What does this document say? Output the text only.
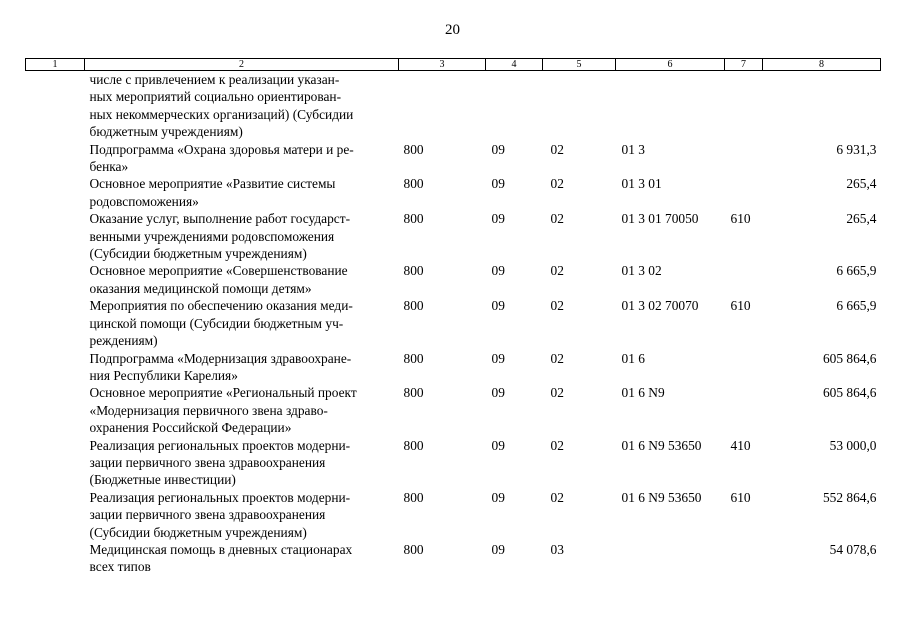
20
1	2	3	4	5	6	7	8
	числе с привлечением к реализации указан-
ных мероприятий социально ориентирован-
ных некоммерческих организаций) (Субсидии
бюджетным учреждениям)						
	Подпрограмма «Охрана здоровья матери и ре-
бенка»	800	09	02	01 3		6 931,3
	Основное мероприятие «Развитие системы
родовспоможения»	800	09	02	01 3 01		265,4
	Оказание услуг, выполнение работ государст-
венными учреждениями родовспоможения
(Субсидии бюджетным учреждениям)	800	09	02	01 3 01 70050	610	265,4
	Основное мероприятие «Совершенствование
оказания медицинской помощи детям»	800	09	02	01 3 02		6 665,9
	Мероприятия по обеспечению оказания меди-
цинской помощи (Субсидии бюджетным уч-
реждениям)	800	09	02	01 3 02 70070	610	6 665,9
	Подпрограмма «Модернизация здравоохране-
ния Республики Карелия»	800	09	02	01 6		605 864,6
	Основное мероприятие «Региональный проект
«Модернизация первичного звена здраво-
охранения Российской Федерации»	800	09	02	01 6 N9		605 864,6
	Реализация региональных проектов модерни-
зации первичного звена здравоохранения
(Бюджетные инвестиции)	800	09	02	01 6 N9 53650	410	53 000,0
	Реализация региональных проектов модерни-
зации первичного звена здравоохранения
(Субсидии бюджетным учреждениям)	800	09	02	01 6 N9 53650	610	552 864,6
	Медицинская помощь в дневных стационарах
всех типов	800	09	03			54 078,6
